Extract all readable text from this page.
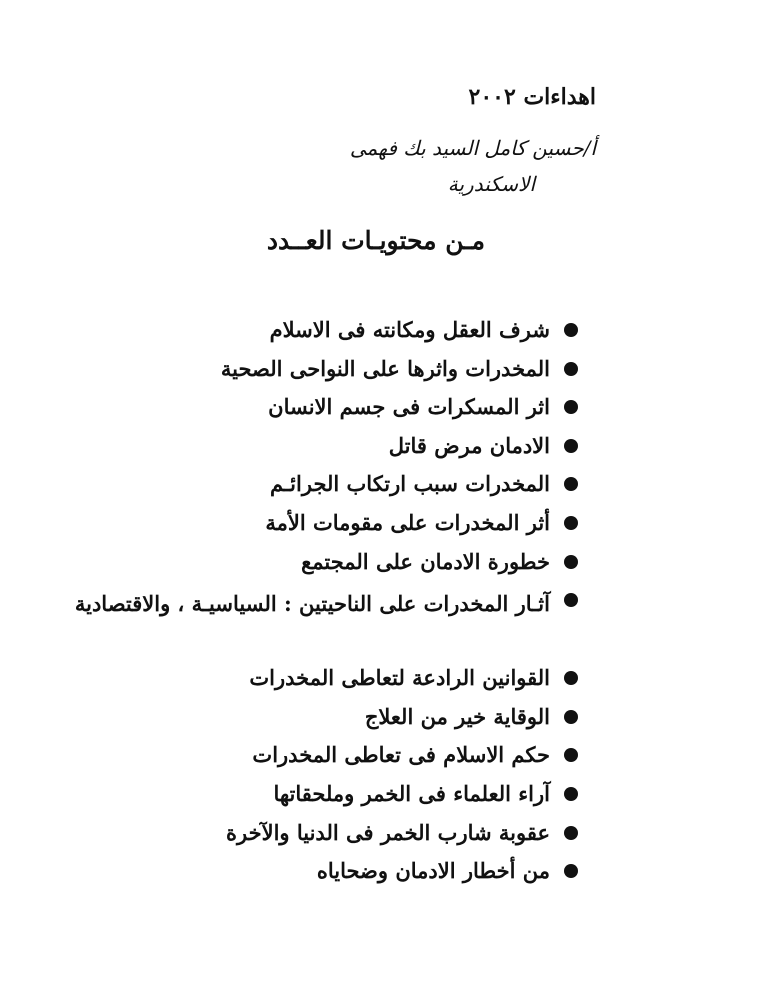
اهداءات ٢٠٠٢
أ/حسين كامل السيد بك فهمى
الاسكندرية
مـن محتويـات العــدد
شرف العقل ومكانته فى الاسلام
المخدرات واثرها على النواحى الصحية
اثر المسكرات فى جسم الانسان
الادمان مرض قاتل
المخدرات سبب ارتكاب الجرائـم
أثر المخدرات على مقومات الأمة
خطورة الادمان على المجتمع
آثـار المخدرات على الناحيتين : السياسيـة ، والاقتصادية
القوانين الرادعة لتعاطى المخدرات
الوقاية خير من العلاج
حكم الاسلام فى تعاطى المخدرات
آراء العلماء فى الخمر وملحقاتها
عقوبة شارب الخمر فى الدنيا والآخرة
من أخطار الادمان وضحاياه
